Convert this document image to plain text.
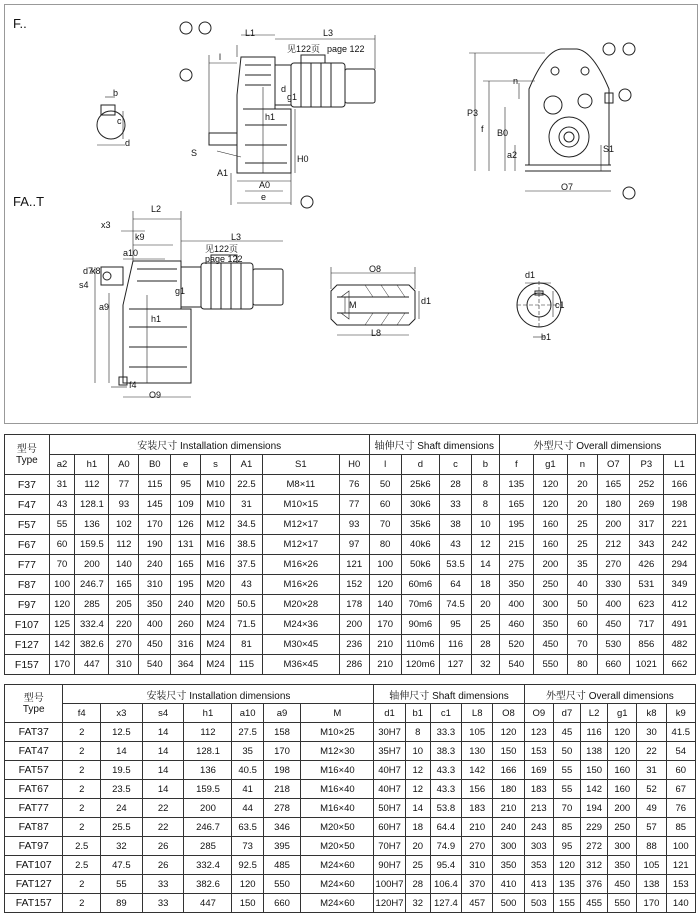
F..
FA..T
L1	L3
见122页 page 122
l
d
g1
h1
H0
S
A1
A0
e
b
c
d
n
P3
f B0
a2
S1
O7
L2
x3
k9	L3
见122页
page 122
a10
d7
k8
s4
a9
h1
g1
f4
O9
O8
M	d1
L8
d1
c1
b1
型号
Type	安装尺寸 Installation dimensions									轴伸尺寸 Shaft dimensions				外型尺寸 Overall dimensions					
	a2	h1	A0	B0	e	s	A1	S1	H0	l	d	c	b	f	g1	n	O7	P3	L1
F37	31	112	77	115	95	M10	22.5	M8×11	76	50	25k6	28	8	135	120	20	165	252	166
F47	43	128.1	93	145	109	M10	31	M10×15	77	60	30k6	33	8	165	120	20	180	269	198
F57	55	136	102	170	126	M12	34.5	M12×17	93	70	35k6	38	10	195	160	25	200	317	221
F67	60	159.5	112	190	131	M16	38.5	M12×17	97	80	40k6	43	12	215	160	25	212	343	242
F77	70	200	140	240	165	M16	37.5	M16×26	121	100	50k6	53.5	14	275	200	35	270	426	294
F87	100	246.7	165	310	195	M20	43	M16×26	152	120	60m6	64	18	350	250	40	330	531	349
F97	120	285	205	350	240	M20	50.5	M20×28	178	140	70m6	74.5	20	400	300	50	400	623	412
F107	125	332.4	220	400	260	M24	71.5	M24×36	200	170	90m6	95	25	460	350	60	450	717	491
F127	142	382.6	270	450	316	M24	81	M30×45	236	210	110m6	116	28	520	450	70	530	856	482
F157	170	447	310	540	364	M24	115	M36×45	286	210	120m6	127	32	540	550	80	660	1021	662
型号
Type	安装尺寸 Installation dimensions							轴伸尺寸 Shaft dimensions					外型尺寸 Overall dimensions					
	f4	x3	s4	h1	a10	a9	M	d1	b1	c1	L8	O8	O9	d7	L2	g1	k8	k9
FAT37	2	12.5	14	112	27.5	158	M10×25	30H7	8	33.3	105	120	123	45	116	120	30	41.5
FAT47	2	14	14	128.1	35	170	M12×30	35H7	10	38.3	130	150	153	50	138	120	22	54
FAT57	2	19.5	14	136	40.5	198	M16×40	40H7	12	43.3	142	166	169	55	150	160	31	60
FAT67	2	23.5	14	159.5	41	218	M16×40	40H7	12	43.3	156	180	183	55	142	160	52	67
FAT77	2	24	22	200	44	278	M16×40	50H7	14	53.8	183	210	213	70	194	200	49	76
FAT87	2	25.5	22	246.7	63.5	346	M20×50	60H7	18	64.4	210	240	243	85	229	250	57	85
FAT97	2.5	32	26	285	73	395	M20×50	70H7	20	74.9	270	300	303	95	272	300	88	100
FAT107	2.5	47.5	26	332.4	92.5	485	M24×60	90H7	25	95.4	310	350	353	120	312	350	105	121
FAT127	2	55	33	382.6	120	550	M24×60	100H7	28	106.4	370	410	413	135	376	450	138	153
FAT157	2	89	33	447	150	660	M24×60	120H7	32	127.4	457	500	503	155	455	550	170	140
